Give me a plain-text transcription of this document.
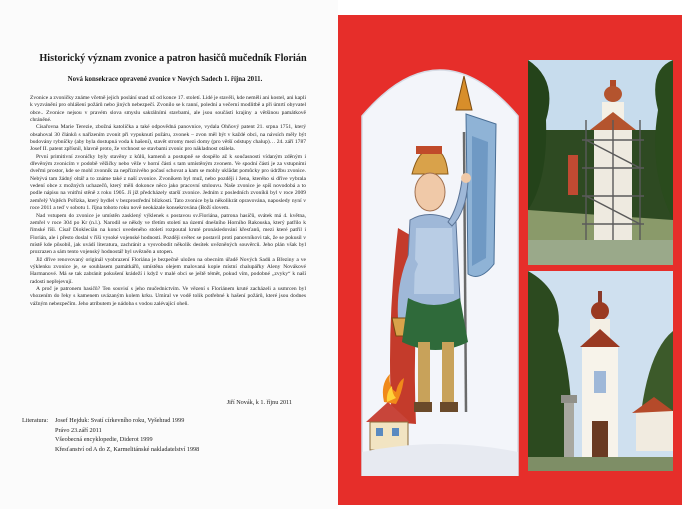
Historický význam zvonice a patron hasičů mučedník Florián
Nová konsekrace opravené zvonice v Nových Sadech 1. října 2011.

Zvonice a zvoničky známe včetně jejich poslání snad už od konce 17. století. Lidé je stavěli, kde neměli ani kostel, ani kapli k vyzvánění pro ohlášení požárů nebo jiných nebezpečí. Zvonilo se k ranní, polední a večerní modlitbě a při úmrtí obyvatel obce.. Zvonice nejsou v pravém slova smyslu sakrálními stavbami, ale jsou součástí krajiny a většinou památkově chráněné.

Císařovna Marie Terezie, zbožná katolička a také odpovědná panovnice, vydala Ohňový patent 21. srpna 1751, který obsahoval 30 článků s nařízením zvonit při vypuknutí požáru, zvonek – zvon měl být v každé obci, na návsích měly být budovány rybníčky (aby byla dostupná voda k hašení), stavět stromy mezi domy (pro větší odstupy chalup)… 24. září 1787 Josef II. patent zpřísnil, hlavně proto, že vrchnost se stavbami zvonic pro nákladnost otálela.

První primitivní zvoničky byly stavěny z kůlů, kamenů a postupně se dospělo až k současnosti vídaným zděným i dřevěným zvonicím v podobě věžičky nebo věže v horní části s tam umístěným zvonem. Ve spodní části je za vstupními dveřmi prostor, kde se mohl zvonník za nepříznivého počasí schovat a kam se mohly uklādat pomůcky pro údržbu zvonice. Nebývá tam žádný oltář a to známe také z naší zvonice. Zvoníkem byl muž, nebo později i žena, kterého si dříve vybrala vedení obce z možných uchazečů, který měli dokonce něco jako pracovní smlouvu. Naše zvonice je spíš novodobá a to podle nápisu na vnitřní stěně z roku 1905. Jí již předcházely starší zvonice. Jedním z posledních zvoníků byl v roce 2009 zemřelý Vojtěch Pořízka, který bydlel v bezprostřední blízkosti. Tato zvonice byla několikrát opravována, naposledy nyní v roce 2011 a teď v sobotu 1. října tohoto roku nově neokázale konsekrována (Boží slovem.

Nad vstupem do zvonice je umístěn zasklený výklenek s postavou sv.Floriána, patrona hasičů, svátek má 4. května, zemřel v roce 304 po Kr (n.l.). Narodil se někdy ve třetím století na území dnešního Horního Rakouska, který patřilo k římské říši. Císař Diokleciān na konci uvedeného století rozpoutal kruté pronásledování křesťanů, mezi které patřil i Florián, ale i přesto doslal v říši vysoké vojenské hodnosti. Později světec se postavil proti panovníkovi tak, že se pokusil v místě kde působil, jak uvádí literatura, zachránit a vysvobodit několik desítek uvězněných souvěrců. Jeho plán však byl prozrazen a sám tento vojenský hodnostář byl uvězněn a utopen.

Již dříve renovovaný originál vyobrazení Floriána je bezpečně uložen na obecním úřadě Nových Sadů a Březiny a ve výklenku zvonice je, se souhlasem památkářů, umístěna olejem malovaná kopie místní chalupářky Aleny Novákové Harmanové. Má se tak zabránit pokušení krádeží i když v malé obci se ještě témět, pokud vím, podobné „zvyky“ k naší radosti nepřejevují.

A proč je patronem hasičů? Ten souvisí s jeho mučednictvím. Ve vězení s Floriánem kruté zacházeli a usmrcen byl vhozením do řeky s kamenem uvázaným kolem krku. Umíral ve vodě tolik potřebné k hašení požárů, které jsou dodnes vážným nebezpečím. Jeho atributem je nádoba s vodou zalévající oheň.

Jiří Novák, k 1. říjnu 2011
Literatura: Josef Hejduk: Svatí církevního roku, Vyšehrad 1999
Právo 23.září 2011
Všeobecná encyklopedie, Diderot 1999
Křesťanství od A do Z, Karmelitánské nakladatelství 1998
